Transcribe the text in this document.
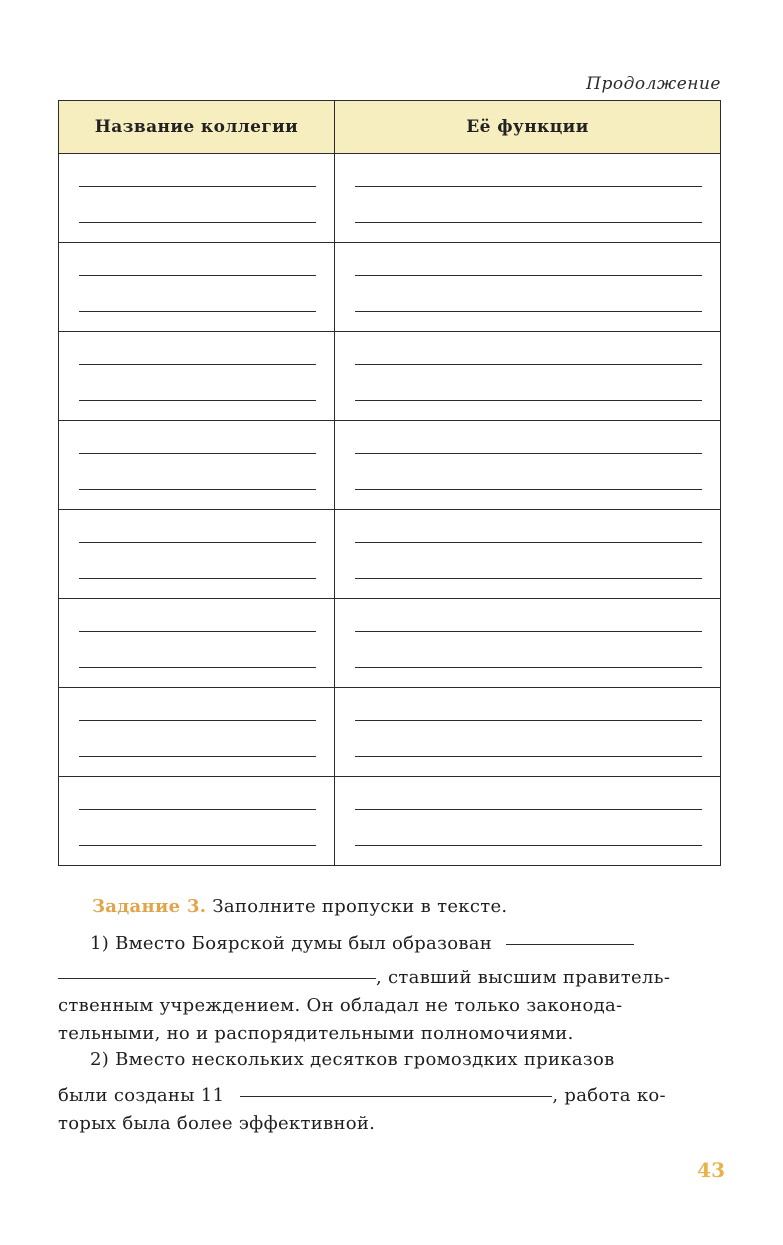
Продолжение
Название коллегии	Её функции

Задание 3. Заполните пропуски в тексте.
1) Вместо Боярской думы был образован
, ставший высшим правитель-
ственным учреждением. Он обладал не только законода-
тельными, но и распорядительными полномочиями.
2) Вместо нескольких десятков громоздких приказов
были созданы 11	, работа ко-
торых была более эффективной.
43
